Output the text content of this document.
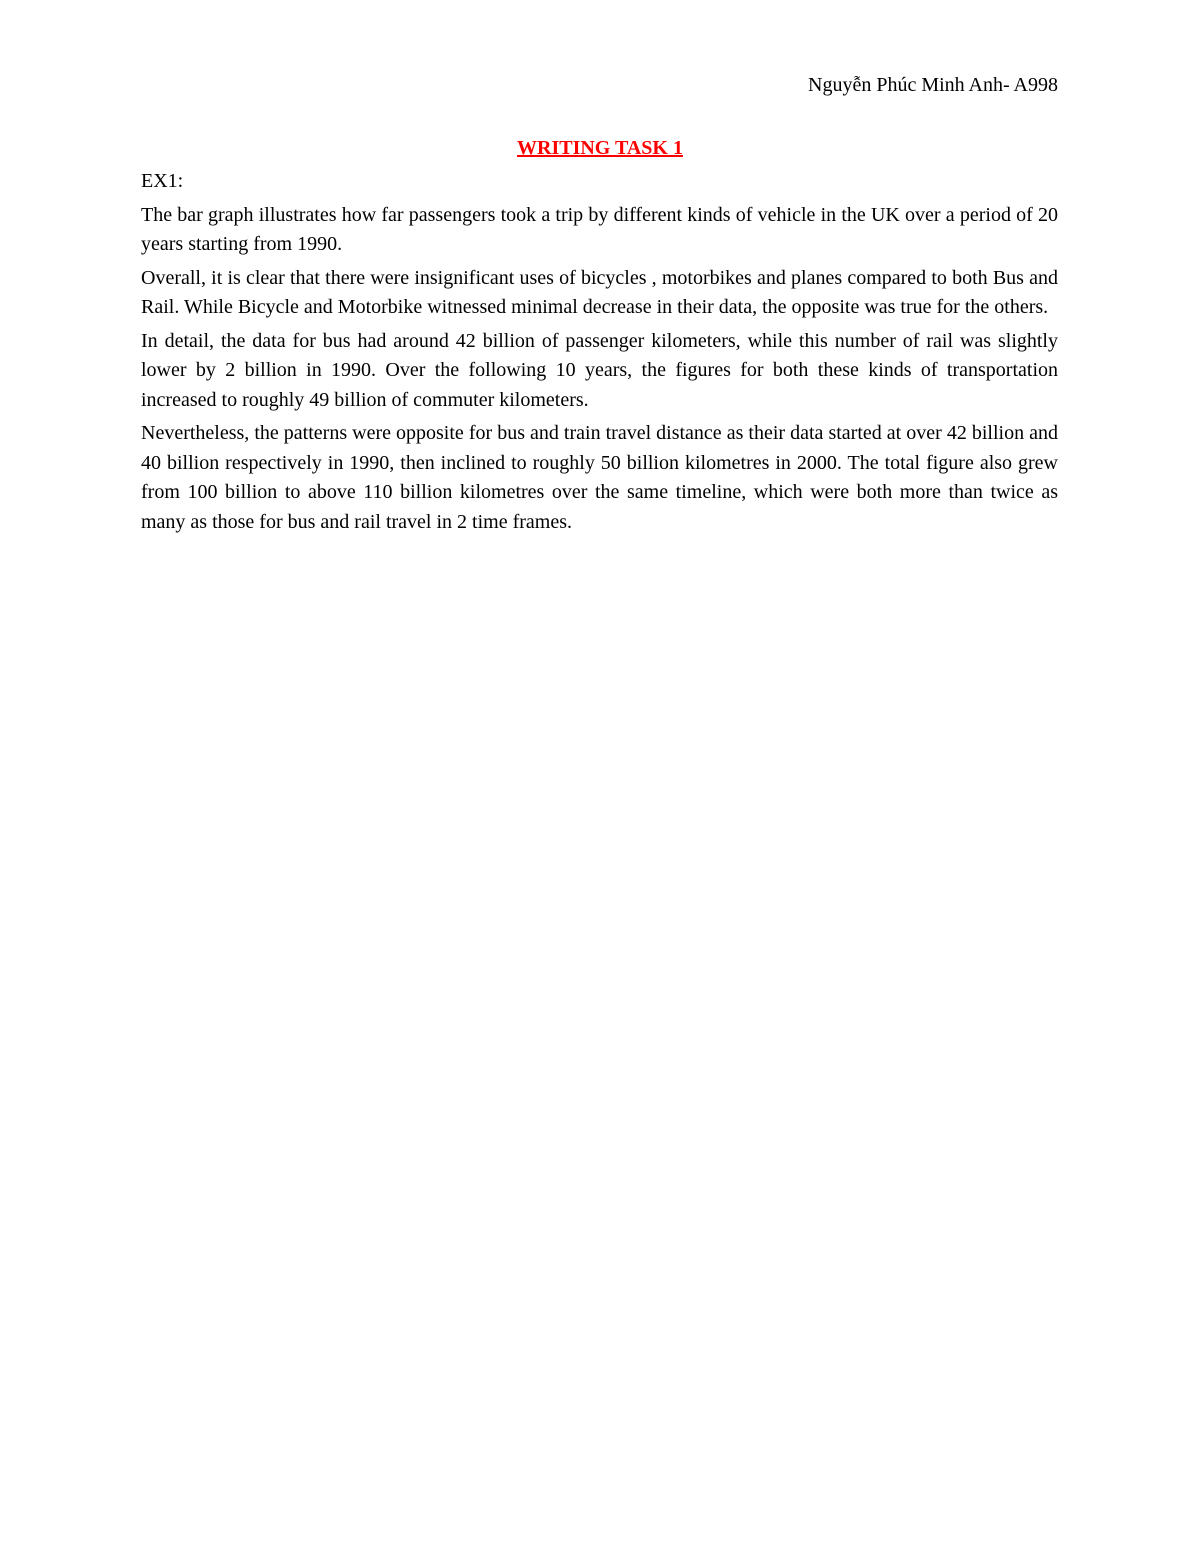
Nguyễn Phúc Minh Anh- A998
WRITING TASK 1

EX1:

The bar graph illustrates how far passengers took a trip by different kinds of vehicle in the UK over a period of 20 years starting from 1990.

Overall, it is clear that there were insignificant uses of bicycles , motorbikes and planes compared to both Bus and Rail. While Bicycle and Motorbike witnessed minimal decrease in their data, the opposite was true for the others.

In detail, the data for bus had around 42 billion of passenger kilometers, while this number of rail was slightly lower by 2 billion in 1990. Over the following 10 years, the figures for both these kinds of transportation increased to roughly 49 billion of commuter kilometers.

Nevertheless, the patterns were opposite for bus and train travel distance as their data started at over 42 billion and 40 billion respectively in 1990, then inclined to roughly 50 billion kilometres in 2000. The total figure also grew from 100 billion to above 110 billion kilometres over the same timeline, which were both more than twice as many as those for bus and rail travel in 2 time frames.
